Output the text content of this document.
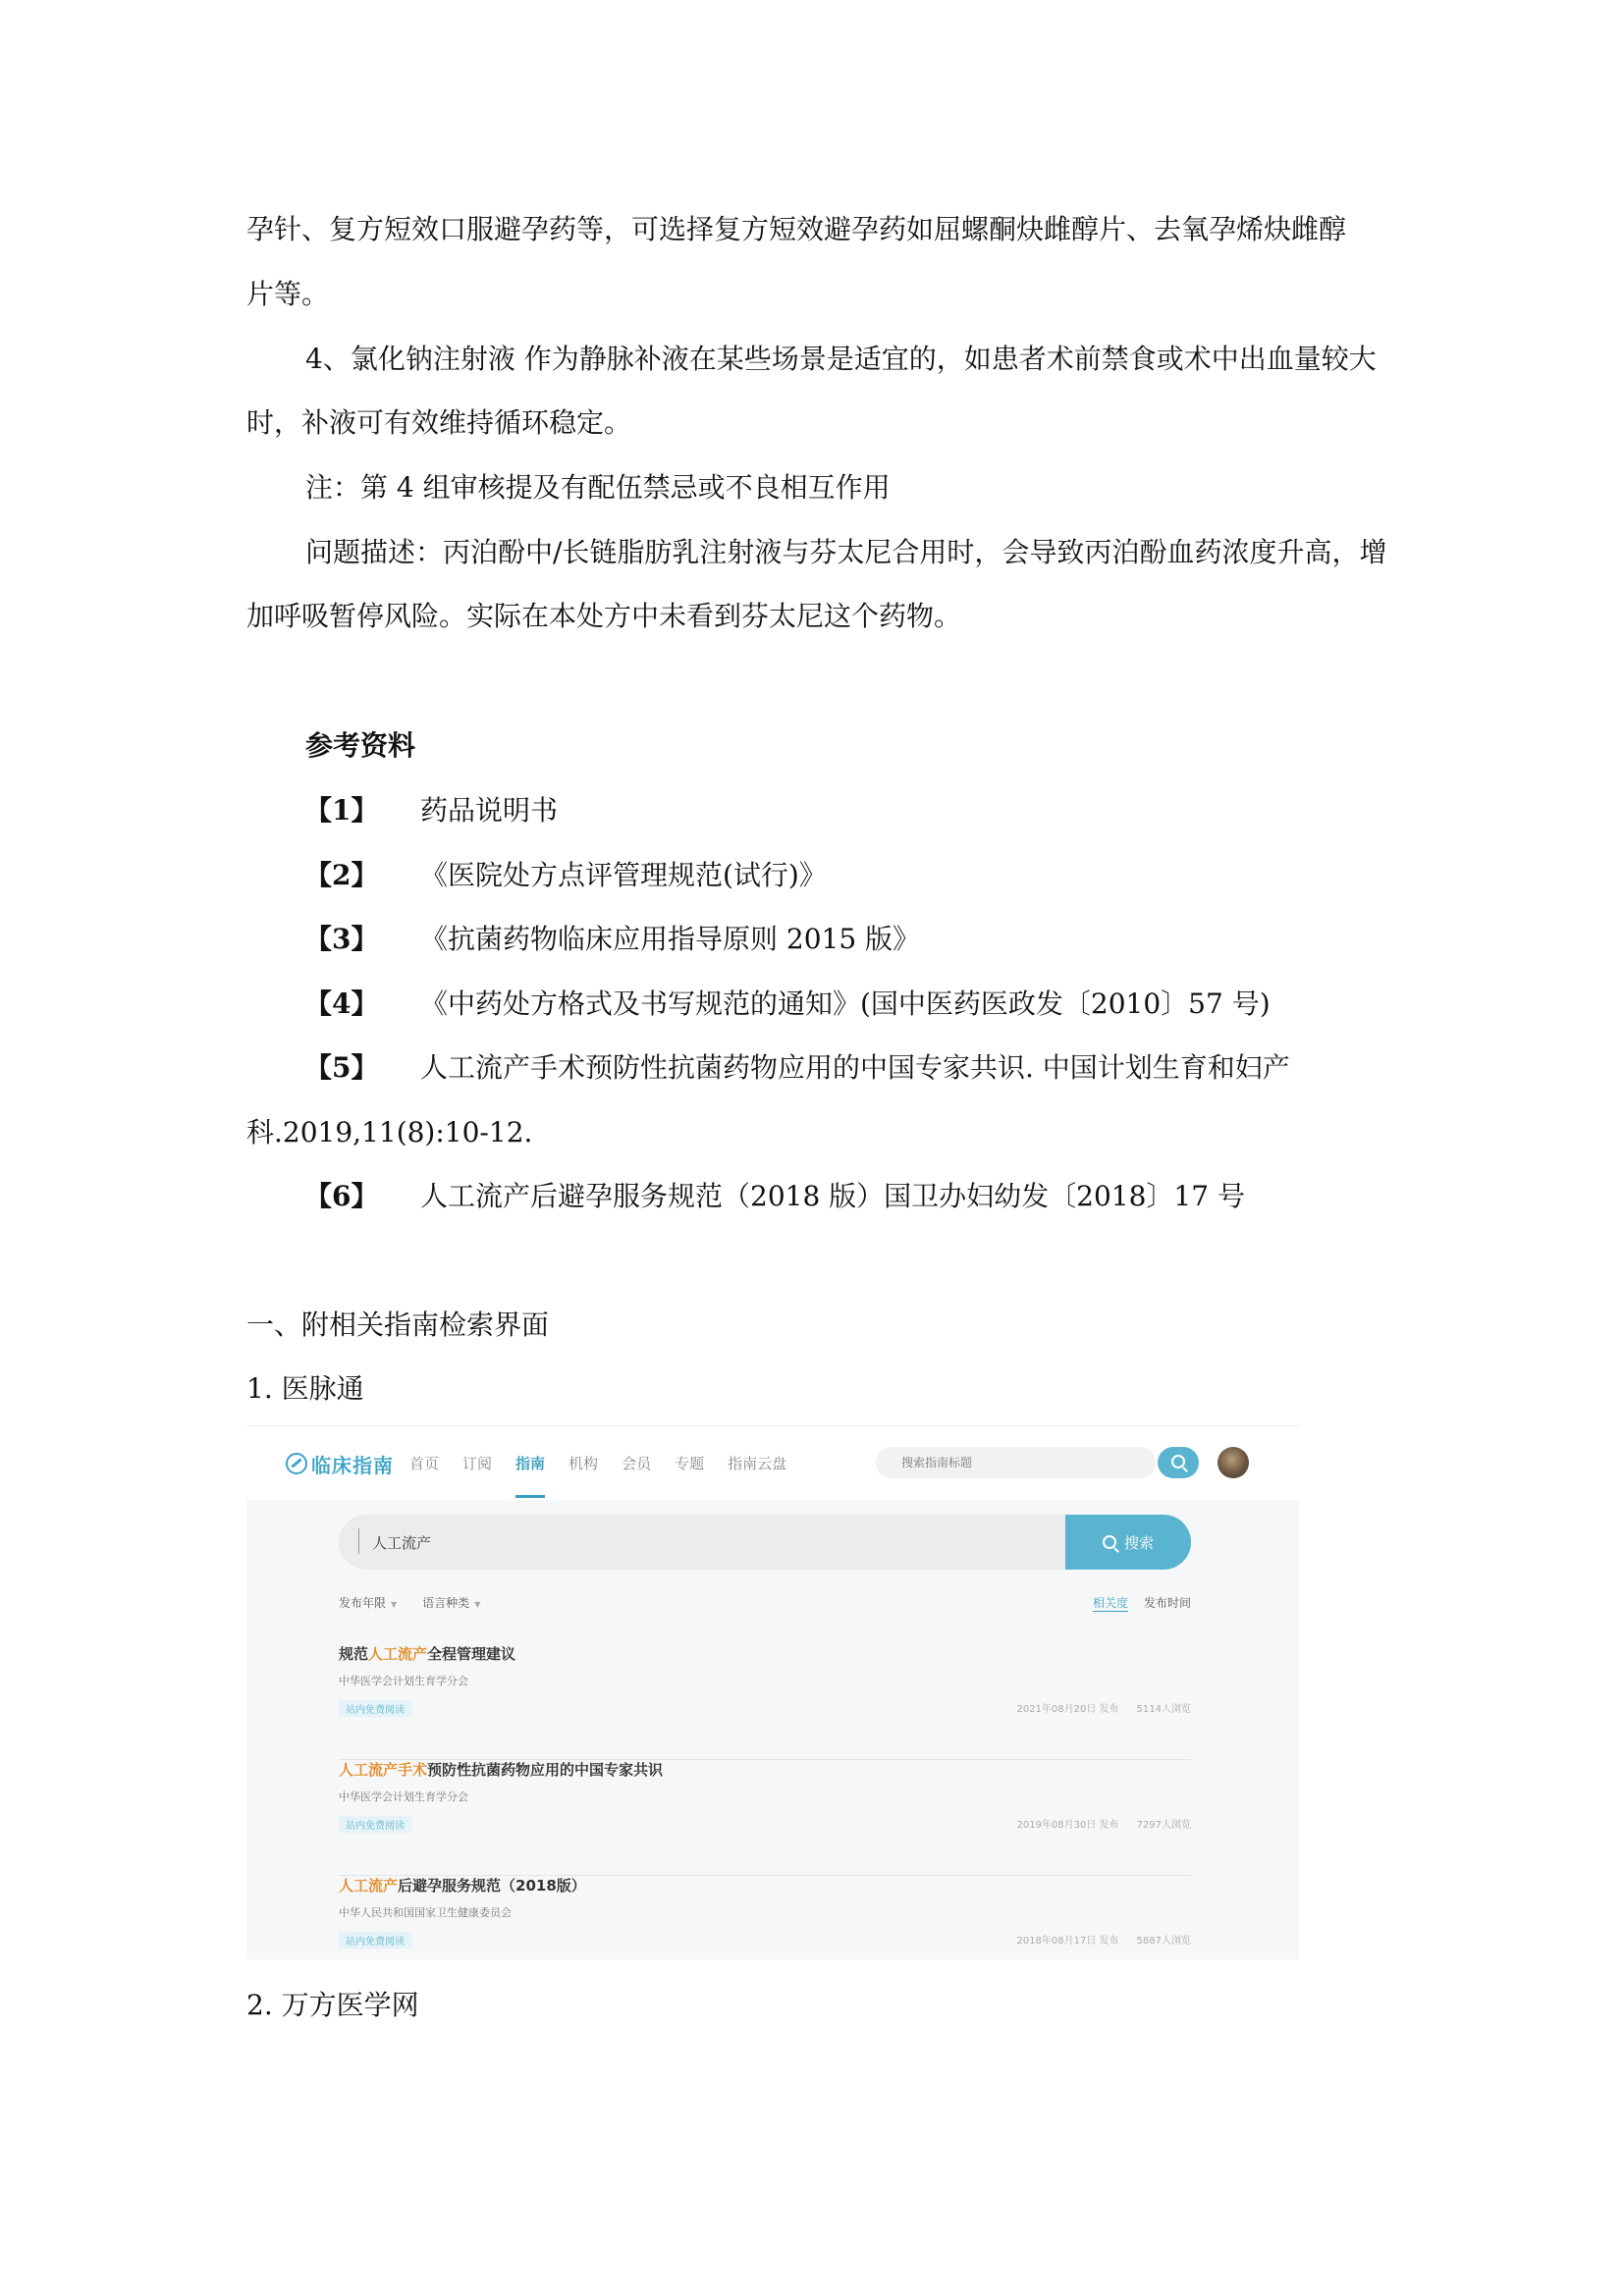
孕针、复方短效口服避孕药等，可选择复方短效避孕药如屈螺酮炔雌醇片、去氧孕烯炔雌醇

片等。

4、氯化钠注射液 作为静脉补液在某些场景是适宜的，如患者术前禁食或术中出血量较大时，补液可有效维持循环稳定。

注：第 4 组审核提及有配伍禁忌或不良相互作用

问题描述：丙泊酚中/长链脂肪乳注射液与芬太尼合用时，会导致丙泊酚血药浓度升高，增加呼吸暂停风险。实际在本处方中未看到芬太尼这个药物。

参考资料

【1】 药品说明书
【2】 《医院处方点评管理规范(试行)》
【3】 《抗菌药物临床应用指导原则 2015 版》
【4】 《中药处方格式及书写规范的通知》(国中医药医政发〔2010〕57 号)
【5】 人工流产手术预防性抗菌药物应用的中国专家共识. 中国计划生育和妇产
科.2019,11(8):10-12.
【6】 人工流产后避孕服务规范（2018 版）国卫办妇幼发〔2018〕17 号

一、附相关指南检索界面

1. 医脉通

临床指南 首页 订阅 指南 机构 会员 专题 指南云盘
搜索指南标题
人工流产
搜索
发布年限 ▼ 语言种类 ▼	相关度 发布时间
规范人工流产全程管理建议
中华医学会计划生育学分会
站内免费阅读	2021年08月20日 发布 5114人浏览
人工流产手术预防性抗菌药物应用的中国专家共识
中华医学会计划生育学分会
站内免费阅读	2019年08月30日 发布 7297人浏览
人工流产后避孕服务规范（2018版）
中华人民共和国国家卫生健康委员会
站内免费阅读	2018年08月17日 发布 5887人浏览

2. 万方医学网
